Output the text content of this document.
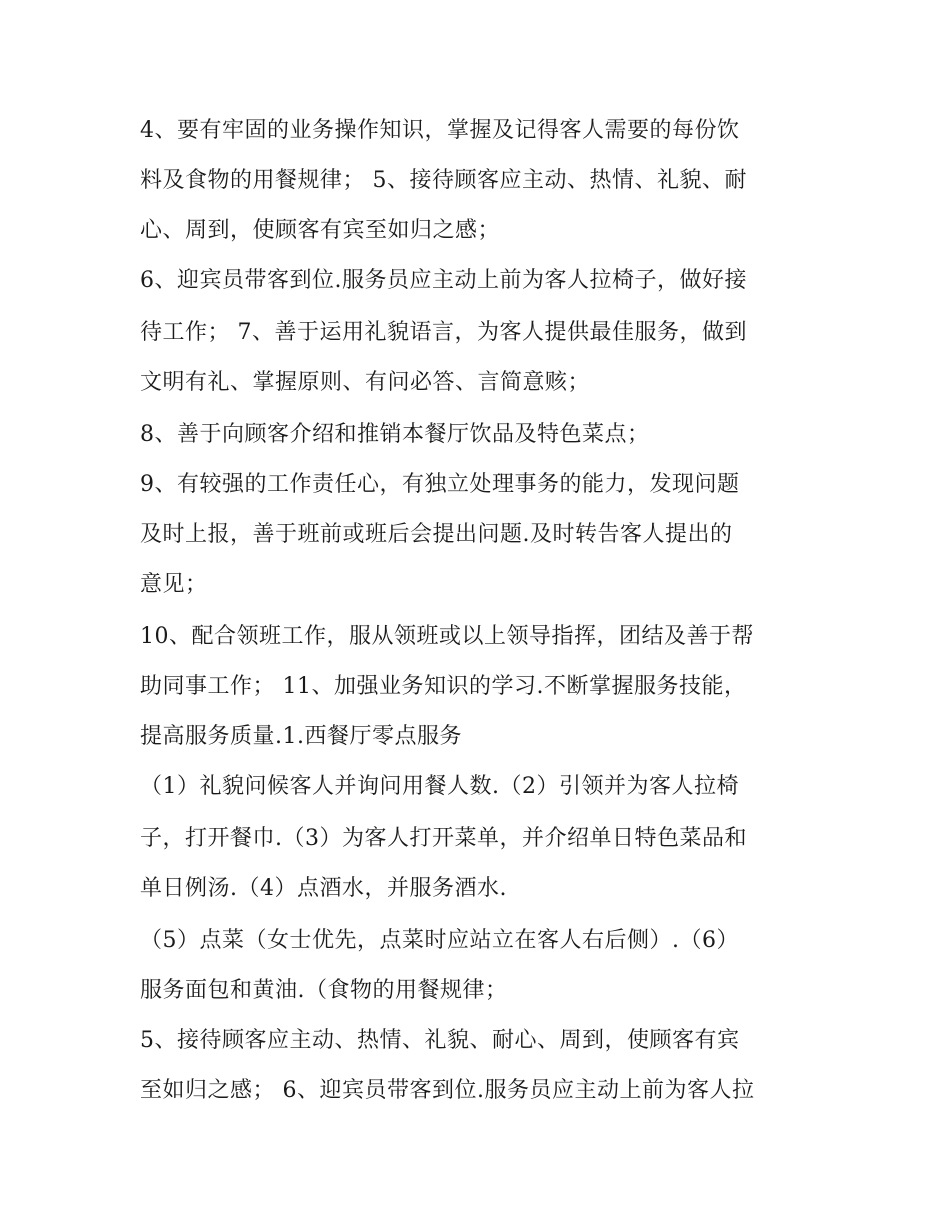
4、要有牢固的业务操作知识，掌握及记得客人需要的每份饮
料及食物的用餐规律； 5、接待顾客应主动、热情、礼貌、耐
心、周到，使顾客有宾至如归之感；
6、迎宾员带客到位.服务员应主动上前为客人拉椅子，做好接
待工作； 7、善于运用礼貌语言，为客人提供最佳服务，做到
文明有礼、掌握原则、有问必答、言简意赅；
8、善于向顾客介绍和推销本餐厅饮品及特色菜点；
9、有较强的工作责任心，有独立处理事务的能力，发现问题
及时上报，善于班前或班后会提出问题.及时转告客人提出的
意见；
10、配合领班工作，服从领班或以上领导指挥，团结及善于帮
助同事工作； 11、加强业务知识的学习.不断掌握服务技能，
提高服务质量.1.西餐厅零点服务
（1）礼貌问候客人并询问用餐人数.（2）引领并为客人拉椅
子，打开餐巾.（3）为客人打开菜单，并介绍单日特色菜品和
单日例汤.（4）点酒水，并服务酒水.
（5）点菜（女士优先，点菜时应站立在客人右后侧）.（6）
服务面包和黄油.（食物的用餐规律；
5、接待顾客应主动、热情、礼貌、耐心、周到，使顾客有宾
至如归之感； 6、迎宾员带客到位.服务员应主动上前为客人拉
